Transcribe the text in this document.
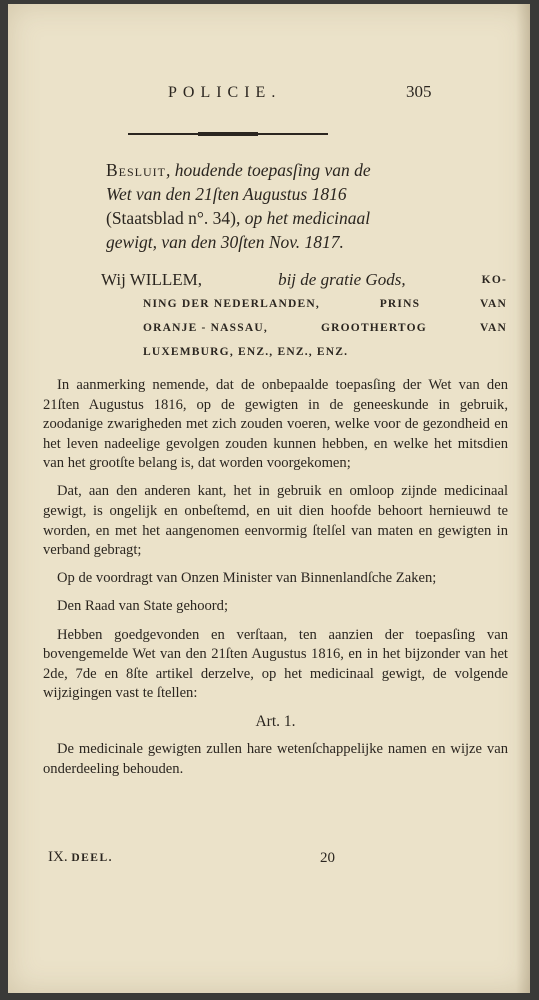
POLICIE.	305
Besluit, houdende toepasſing van de
Wet van den 21ſten Augustus 1816
(Staatsblad n°. 34), op het medicinaal
gewigt, van den 30ſten Nov. 1817.
Wij WILLEM,	bij de gratie Gods,	KO-
NING DER NEDERLANDEN,	PRINS	VAN
ORANJE - NASSAU,	GROOTHERTOG	VAN
LUXEMBURG, ENZ., ENZ., ENZ.

In aanmerking nemende, dat de onbepaalde toepasſing der Wet van den 21ſten Augustus 1816, op de gewigten in de geneeskunde in gebruik, zoodanige zwarigheden met zich zouden voeren, welke voor de gezondheid en het leven nadeelige gevolgen zouden kunnen hebben, en welke het mitsdien van het grootſte belang is, dat worden voorgekomen;

Dat, aan den anderen kant, het in gebruik en omloop zijnde medicinaal gewigt, is ongelijk en onbeſtemd, en uit dien hoofde behoort hernieuwd te worden, en met het aangenomen eenvormig ſtelſel van maten en gewigten in verband gebragt;

Op de voordragt van Onzen Minister van Binnenlandſche Zaken;

Den Raad van State gehoord;

Hebben goedgevonden en verſtaan, ten aanzien der toepasſing van bovengemelde Wet van den 21ſten Augustus 1816, en in het bijzonder van het 2de, 7de en 8ſte artikel derzelve, op het medicinaal gewigt, de volgende wijzigingen vast te ſtellen:

Art. 1.

De medicinale gewigten zullen hare wetenſchappelijke namen en wijze van onderdeeling behouden.

IX. DEEL.	20
